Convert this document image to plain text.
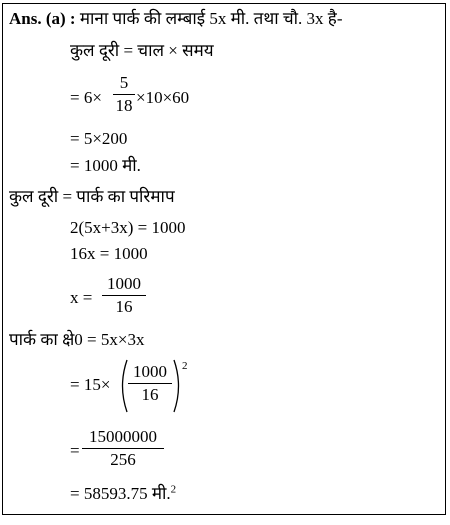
Ans. (a) : माना पार्क की लम्बाई 5x मी. तथा चौ. 3x है-
कुल दूरी = चाल × समय
= 6×
5
18 ×10×60
= 5×200
= 1000 मी.
कुल दूरी = पार्क का परिमाप
2(5x+3x) = 1000
16x = 1000
x =
1000
16
पार्क का क्षे0 = 5x×3x
= 15×
1000
16
2
=
15000000
256
= 58593.75 मी.$^2$
